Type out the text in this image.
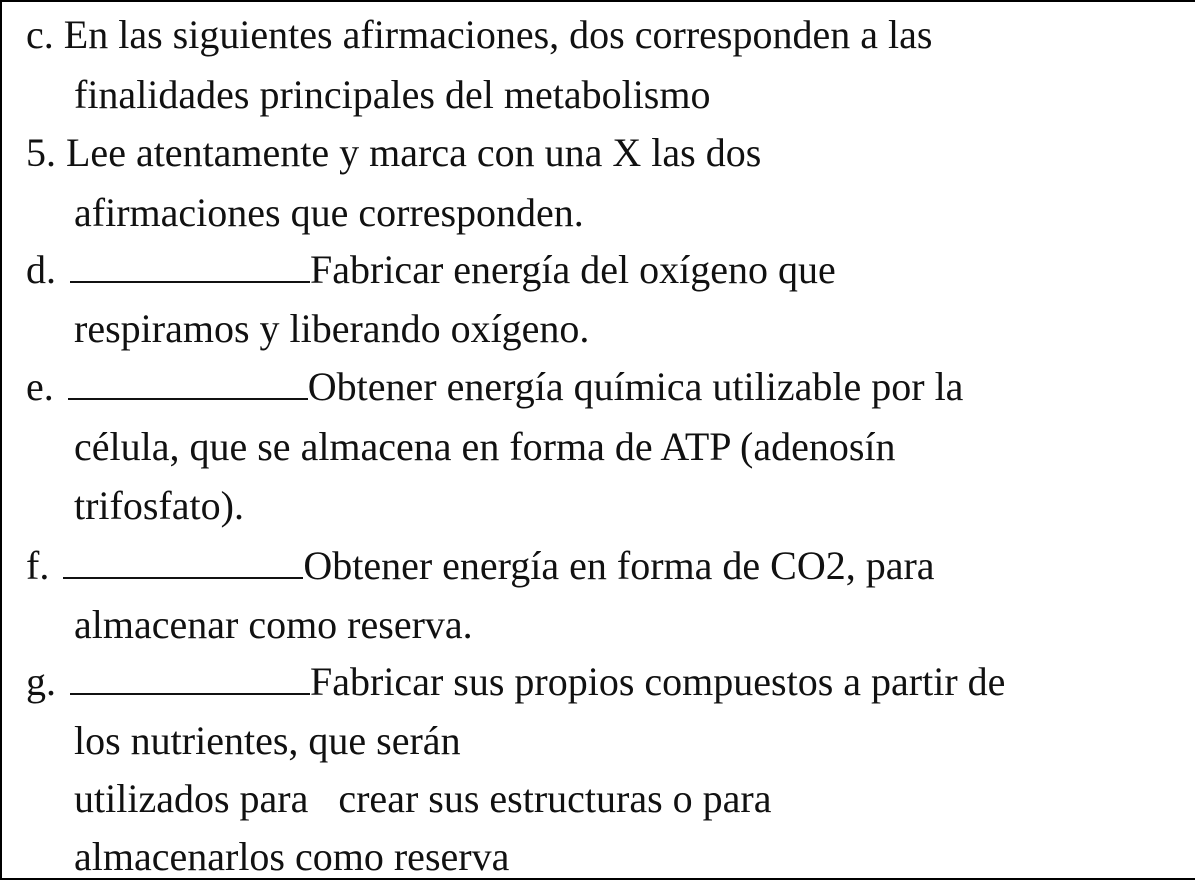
c. En las siguientes afirmaciones, dos corresponden a las
finalidades principales del metabolismo
5. Lee atentamente y marca con una X las dos
afirmaciones que corresponden.
d.	Fabricar energía del oxígeno que
respiramos y liberando oxígeno.
e.	Obtener energía química utilizable por la
célula, que se almacena en forma de ATP (adenosín
trifosfato).
f.	Obtener energía en forma de CO2, para
almacenar como reserva.
g.	Fabricar sus propios compuestos a partir de
los nutrientes, que serán
utilizados para crear sus estructuras o para
almacenarlos como reserva
